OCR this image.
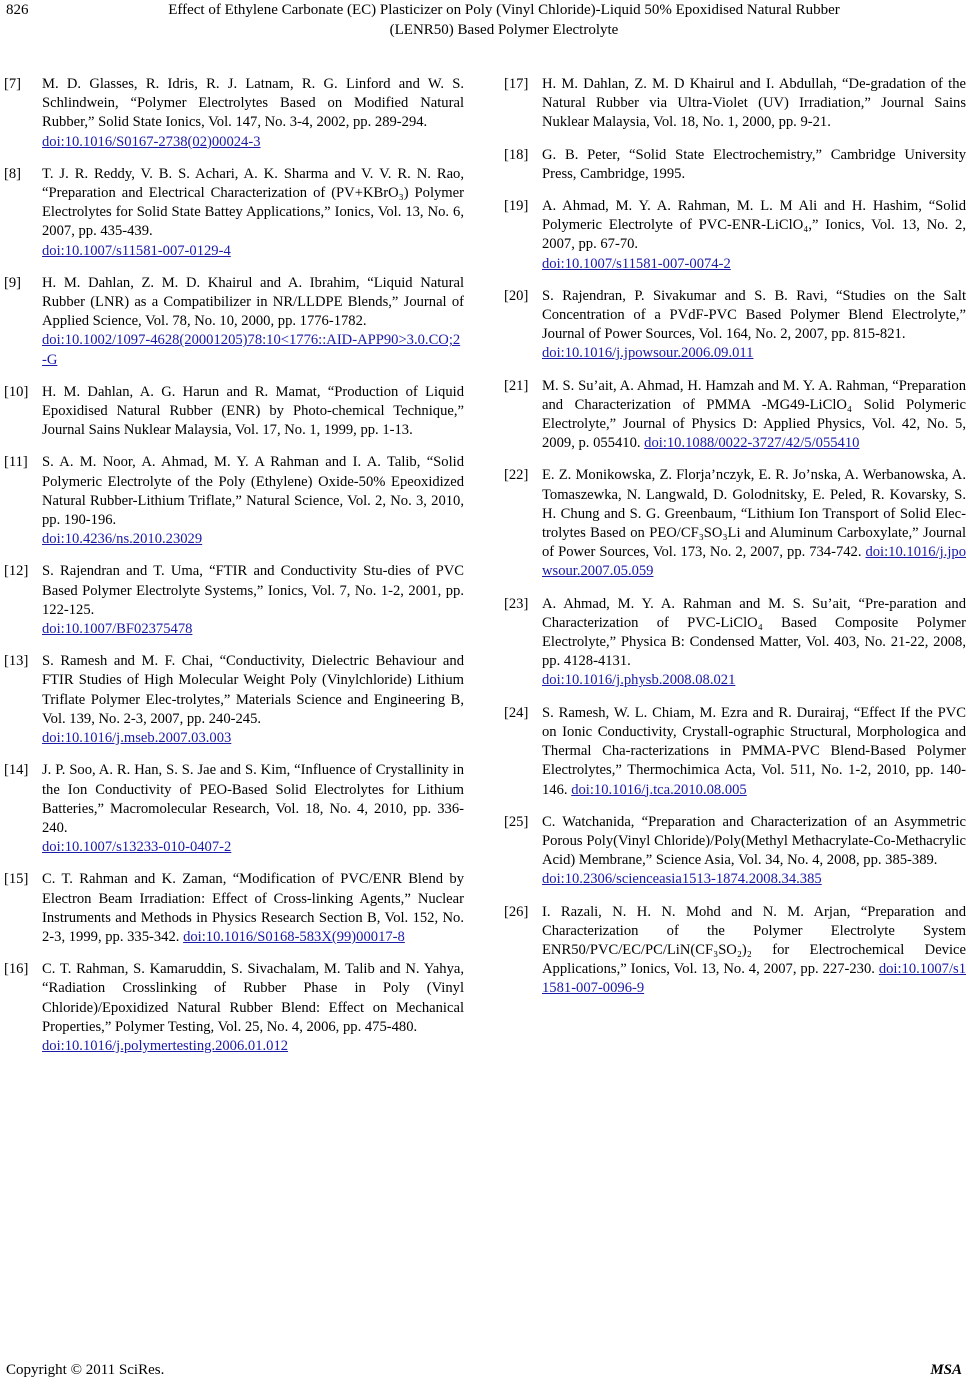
826	Effect of Ethylene Carbonate (EC) Plasticizer on Poly (Vinyl Chloride)-Liquid 50% Epoxidised Natural Rubber
(LENR50) Based Polymer Electrolyte
[7] M. D. Glasses, R. Idris, R. J. Latnam, R. G. Linford and W. S. Schlindwein, “Polymer Electrolytes Based on Modified Natural Rubber,” Solid State Ionics, Vol. 147, No. 3-4, 2002, pp. 289-294.
doi:10.1016/S0167-2738(02)00024-3
[8] T. J. R. Reddy, V. B. S. Achari, A. K. Sharma and V. V. R. N. Rao, “Preparation and Electrical Characterization of (PV+KBrO₃) Polymer Electrolytes for Solid State Battey Applications,” Ionics, Vol. 13, No. 6, 2007, pp. 435-439.
doi:10.1007/s11581-007-0129-4
[9] H. M. Dahlan, Z. M. D. Khairul and A. Ibrahim, “Liquid Natural Rubber (LNR) as a Compatibilizer in NR/LLDPE Blends,” Journal of Applied Science, Vol. 78, No. 10, 2000, pp. 1776-1782.
doi:10.1002/1097-4628(20001205)78:10<1776::AID-APP90>3.0.CO;2-G
[10] H. M. Dahlan, A. G. Harun and R. Mamat, “Production of Liquid Epoxidised Natural Rubber (ENR) by Photo-chemical Technique,” Journal Sains Nuklear Malaysia, Vol. 17, No. 1, 1999, pp. 1-13.
[11] S. A. M. Noor, A. Ahmad, M. Y. A Rahman and I. A. Talib, “Solid Polymeric Electrolyte of the Poly (Ethylene) Oxide-50% Epeoxidized Natural Rubber-Lithium Triflate,” Natural Science, Vol. 2, No. 3, 2010, pp. 190-196.
doi:10.4236/ns.2010.23029
[12] S. Rajendran and T. Uma, “FTIR and Conductivity Stu-dies of PVC Based Polymer Electrolyte Systems,” Ionics, Vol. 7, No. 1-2, 2001, pp. 122-125.
doi:10.1007/BF02375478
[13] S. Ramesh and M. F. Chai, “Conductivity, Dielectric Behaviour and FTIR Studies of High Molecular Weight Poly (Vinylchloride) Lithium Triflate Polymer Elec-trolytes,” Materials Science and Engineering B, Vol. 139, No. 2-3, 2007, pp. 240-245.
doi:10.1016/j.mseb.2007.03.003
[14] J. P. Soo, A. R. Han, S. S. Jae and S. Kim, “Influence of Crystallinity in the Ion Conductivity of PEO-Based Solid Electrolytes for Lithium Batteries,” Macromolecular Research, Vol. 18, No. 4, 2010, pp. 336-240.
doi:10.1007/s13233-010-0407-2
[15] C. T. Rahman and K. Zaman, “Modification of PVC/ENR Blend by Electron Beam Irradiation: Effect of Cross-linking Agents,” Nuclear Instruments and Methods in Physics Research Section B, Vol. 152, No. 2-3, 1999, pp. 335-342. doi:10.1016/S0168-583X(99)00017-8
[16] C. T. Rahman, S. Kamaruddin, S. Sivachalam, M. Talib and N. Yahya, “Radiation Crosslinking of Rubber Phase in Poly (Vinyl Chloride)/Epoxidized Natural Rubber Blend: Effect on Mechanical Properties,” Polymer Testing, Vol. 25, No. 4, 2006, pp. 475-480.
doi:10.1016/j.polymertesting.2006.01.012
[17] H. M. Dahlan, Z. M. D Khairul and I. Abdullah, “De-gradation of the Natural Rubber via Ultra-Violet (UV) Irradiation,” Journal Sains Nuklear Malaysia, Vol. 18, No. 1, 2000, pp. 9-21.
[18] G. B. Peter, “Solid State Electrochemistry,” Cambridge University Press, Cambridge, 1995.
[19] A. Ahmad, M. Y. A. Rahman, M. L. M Ali and H. Hashim, “Solid Polymeric Electrolyte of PVC-ENR-LiClO₄,” Ionics, Vol. 13, No. 2, 2007, pp. 67-70.
doi:10.1007/s11581-007-0074-2
[20] S. Rajendran, P. Sivakumar and S. B. Ravi, “Studies on the Salt Concentration of a PVdF-PVC Based Polymer Blend Electrolyte,” Journal of Power Sources, Vol. 164, No. 2, 2007, pp. 815-821.
doi:10.1016/j.jpowsour.2006.09.011
[21] M. S. Su’ait, A. Ahmad, H. Hamzah and M. Y. A. Rahman, “Preparation and Characterization of PMMA -MG49-LiClO₄ Solid Polymeric Electrolyte,” Journal of Physics D: Applied Physics, Vol. 42, No. 5, 2009, p. 055410. doi:10.1088/0022-3727/42/5/055410
[22] E. Z. Monikowska, Z. Florja’nczyk, E. R. Jo’nska, A. Werbanowska, A. Tomaszewka, N. Langwald, D. Golodnitsky, E. Peled, R. Kovarsky, S. H. Chung and S. G. Greenbaum, “Lithium Ion Transport of Solid Elec-trolytes Based on PEO/CF₃SO₃Li and Aluminum Carboxylate,” Journal of Power Sources, Vol. 173, No. 2, 2007, pp. 734-742. doi:10.1016/j.jpowsour.2007.05.059
[23] A. Ahmad, M. Y. A. Rahman and M. S. Su’ait, “Pre-paration and Characterization of PVC-LiClO₄ Based Composite Polymer Electrolyte,” Physica B: Condensed Matter, Vol. 403, No. 21-22, 2008, pp. 4128-4131.
doi:10.1016/j.physb.2008.08.021
[24] S. Ramesh, W. L. Chiam, M. Ezra and R. Durairaj, “Effect If the PVC on Ionic Conductivity, Crystall-ographic Structural, Morphologica and Thermal Cha-racterizations in PMMA-PVC Blend-Based Polymer Electrolytes,” Thermochimica Acta, Vol. 511, No. 1-2, 2010, pp. 140-146. doi:10.1016/j.tca.2010.08.005
[25] C. Watchanida, “Preparation and Characterization of an Asymmetric Porous Poly(Vinyl Chloride)/Poly(Methyl Methacrylate-Co-Methacrylic Acid) Membrane,” Science Asia, Vol. 34, No. 4, 2008, pp. 385-389.
doi:10.2306/scienceasia1513-1874.2008.34.385
[26] I. Razali, N. H. N. Mohd and N. M. Arjan, “Preparation and Characterization of the Polymer Electrolyte System ENR50/PVC/EC/PC/LiN(CF₃SO₂)₂ for Electrochemical Device Applications,” Ionics, Vol. 13, No. 4, 2007, pp. 227-230. doi:10.1007/s11581-007-0096-9
Copyright © 2011 SciRes.	MSA
